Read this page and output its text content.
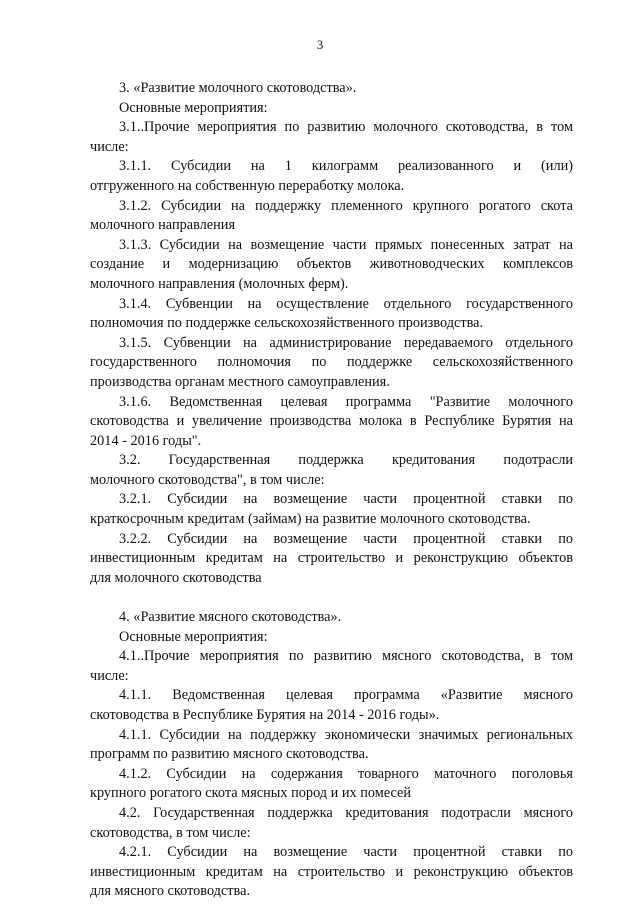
3
3. «Развитие молочного скотоводства».
Основные мероприятия:
3.1..Прочие мероприятия по развитию молочного скотоводства, в том
числе:
3.1.1. Субсидии на 1 килограмм реализованного и (или)
отгруженного на собственную переработку молока.
3.1.2. Субсидии на поддержку племенного крупного рогатого скота
молочного направления
3.1.3. Субсидии на возмещение части прямых понесенных затрат на
создание и модернизацию объектов животноводческих комплексов
молочного направления (молочных ферм).
3.1.4. Субвенции на осуществление отдельного государственного
полномочия по поддержке сельскохозяйственного производства.
3.1.5. Субвенции на администрирование передаваемого отдельного
государственного полномочия по поддержке сельскохозяйственного
производства органам местного самоуправления.
3.1.6. Ведомственная целевая программа "Развитие молочного
скотоводства и увеличение производства молока в Республике Бурятия на
2014 - 2016 годы".
3.2. Государственная поддержка кредитования подотрасли
молочного скотоводства", в том числе:
3.2.1. Субсидии на возмещение части процентной ставки по
краткосрочным кредитам (займам) на развитие молочного скотоводства.
3.2.2. Субсидии на возмещение части процентной ставки по
инвестиционным кредитам на строительство и реконструкцию объектов
для молочного скотоводства
4. «Развитие мясного скотоводства».
Основные мероприятия:
4.1..Прочие мероприятия по развитию мясного скотоводства, в том
числе:
4.1.1. Ведомственная целевая программа «Развитие мясного
скотоводства в Республике Бурятия на 2014 - 2016 годы».
4.1.1. Субсидии на поддержку экономически значимых региональных
программ по развитию мясного скотоводства.
4.1.2. Субсидии на содержания товарного маточного поголовья
крупного рогатого скота мясных пород и их помесей
4.2. Государственная поддержка кредитования подотрасли мясного
скотоводства, в том числе:
4.2.1. Субсидии на возмещение части процентной ставки по
инвестиционным кредитам на строительство и реконструкцию объектов
для мясного скотоводства.
